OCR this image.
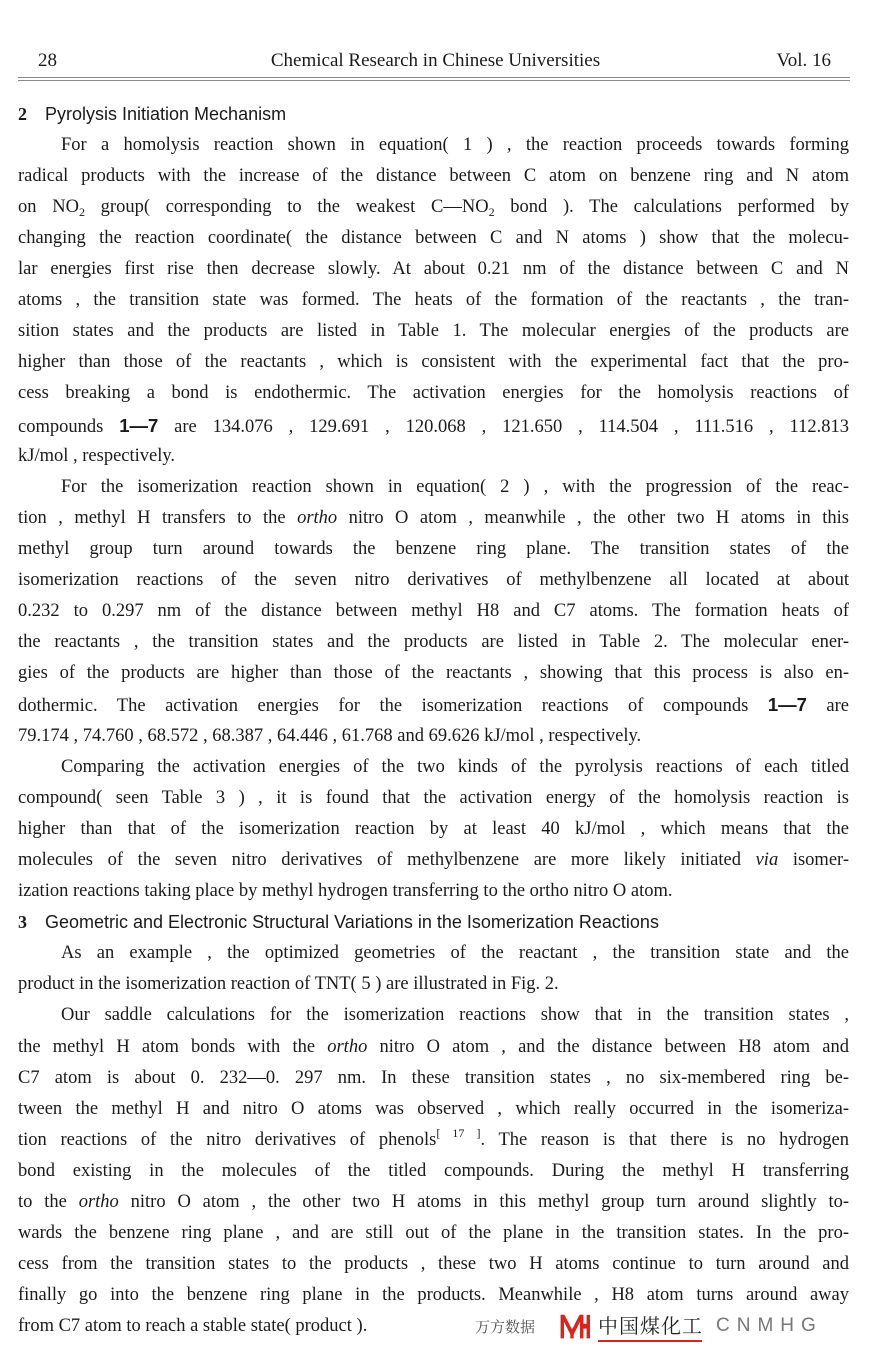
28	Chemical Research in Chinese Universities	Vol. 16
2 Pyrolysis Initiation Mechanism
For a homolysis reaction shown in equation( 1 ) , the reaction proceeds towards forming
radical products with the increase of the distance between C atom on benzene ring and N atom
on $NO_2$ group( corresponding to the weakest $C—NO_2$ bond ). The calculations performed by
changing the reaction coordinate( the distance between C and N atoms ) show that the molecu-
lar energies first rise then decrease slowly. At about 0.21 nm of the distance between C and N
atoms , the transition state was formed. The heats of the formation of the reactants , the tran-
sition states and the products are listed in Table 1. The molecular energies of the products are
higher than those of the reactants , which is consistent with the experimental fact that the pro-
cess breaking a bond is endothermic. The activation energies for the homolysis reactions of
compounds 1—7 are 134.076 , 129.691 , 120.068 , 121.650 , 114.504 , 111.516 , 112.813
kJ/mol , respectively.
For the isomerization reaction shown in equation( 2 ) , with the progression of the reac-
tion , methyl H transfers to the ortho nitro O atom , meanwhile , the other two H atoms in this
methyl group turn around towards the benzene ring plane. The transition states of the
isomerization reactions of the seven nitro derivatives of methylbenzene all located at about
0.232 to 0.297 nm of the distance between methyl H8 and C7 atoms. The formation heats of
the reactants , the transition states and the products are listed in Table 2. The molecular ener-
gies of the products are higher than those of the reactants , showing that this process is also en-
dothermic. The activation energies for the isomerization reactions of compounds 1—7 are
79.174 , 74.760 , 68.572 , 68.387 , 64.446 , 61.768 and 69.626 kJ/mol , respectively.
Comparing the activation energies of the two kinds of the pyrolysis reactions of each titled
compound( seen Table 3 ) , it is found that the activation energy of the homolysis reaction is
higher than that of the isomerization reaction by at least 40 kJ/mol , which means that the
molecules of the seven nitro derivatives of methylbenzene are more likely initiated via isomer-
ization reactions taking place by methyl hydrogen transferring to the ortho nitro O atom.
3 Geometric and Electronic Structural Variations in the Isomerization Reactions
As an example , the optimized geometries of the reactant , the transition state and the
product in the isomerization reaction of TNT( 5 ) are illustrated in Fig. 2.
Our saddle calculations for the isomerization reactions show that in the transition states ,
the methyl H atom bonds with the ortho nitro O atom , and the distance between H8 atom and
C7 atom is about 0. 232—0. 297 nm. In these transition states , no six-membered ring be-
tween the methyl H and nitro O atoms was observed , which really occurred in the isomeriza-
tion reactions of the nitro derivatives of phenols[ 17 ]. The reason is that there is no hydrogen
bond existing in the molecules of the titled compounds. During the methyl H transferring
to the ortho nitro O atom , the other two H atoms in this methyl group turn around slightly to-
wards the benzene ring plane , and are still out of the plane in the transition states. In the pro-
cess from the transition states to the products , these two H atoms continue to turn around and
finally go into the benzene ring plane in the products. Meanwhile , H8 atom turns around away
from C7 atom to reach a stable state( product ).	中国煤化工 CNMHG
万方数据
